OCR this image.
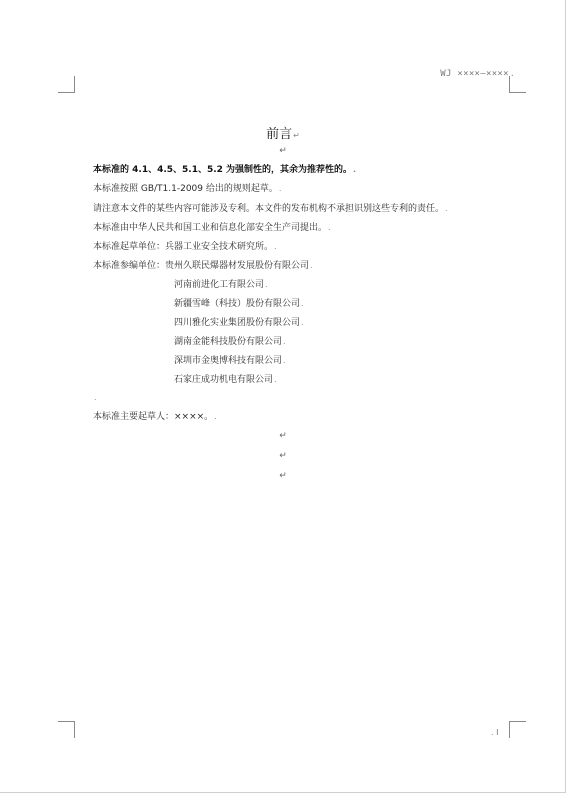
WJ ××××—××××.
前言↵
↵
本标准的 4.1、4.5、5.1、5.2 为强制性的，其余为推荐性的。.
本标准按照 GB/T1.1-2009 给出的规则起草。.
请注意本文件的某些内容可能涉及专利。本文件的发布机构不承担识别这些专利的责任。.
本标准由中华人民共和国工业和信息化部安全生产司提出。.
本标准起草单位：兵器工业安全技术研究所。.
本标准参编单位：贵州久联民爆器材发展股份有限公司.
河南前进化工有限公司.
新疆雪峰（科技）股份有限公司.
四川雅化实业集团股份有限公司.
湖南金能科技股份有限公司.
深圳市金奥博科技有限公司.
石家庄成功机电有限公司.
.
本标准主要起草人：××××。.
↵
↵
↵
. I
